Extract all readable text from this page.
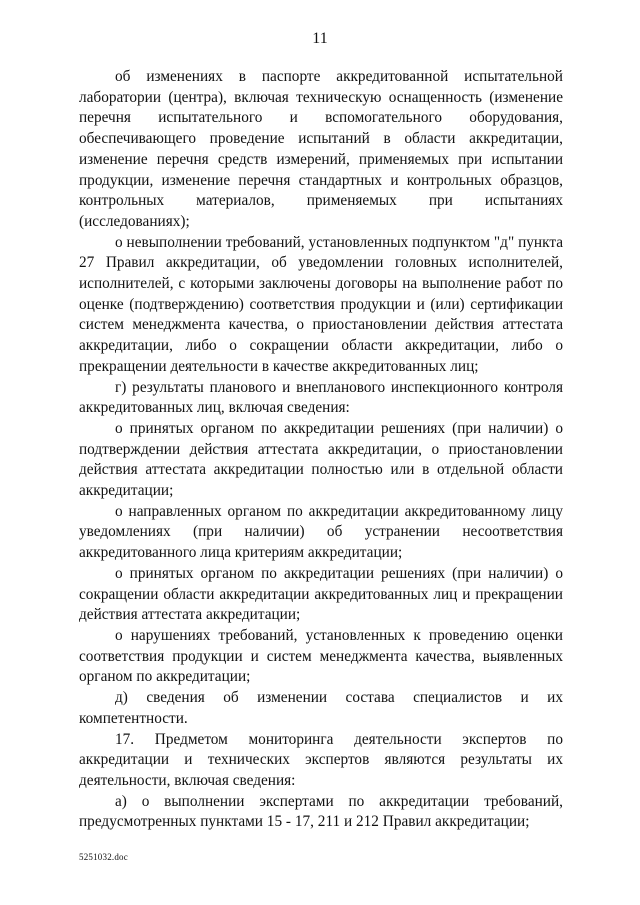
11

об изменениях в паспорте аккредитованной испытательной лаборатории (центра), включая техническую оснащенность (изменение перечня испытательного и вспомогательного оборудования, обеспечивающего проведение испытаний в области аккредитации, изменение перечня средств измерений, применяемых при испытании продукции, изменение перечня стандартных и контрольных образцов, контрольных материалов, применяемых при испытаниях (исследованиях);

о невыполнении требований, установленных подпунктом "д" пункта 27 Правил аккредитации, об уведомлении головных исполнителей, исполнителей, с которыми заключены договоры на выполнение работ по оценке (подтверждению) соответствия продукции и (или) сертификации систем менеджмента качества, о приостановлении действия аттестата аккредитации, либо о сокращении области аккредитации, либо о прекращении деятельности в качестве аккредитованных лиц;

г) результаты планового и внепланового инспекционного контроля аккредитованных лиц, включая сведения:

о принятых органом по аккредитации решениях (при наличии) о подтверждении действия аттестата аккредитации, о приостановлении действия аттестата аккредитации полностью или в отдельной области аккредитации;

о направленных органом по аккредитации аккредитованному лицу уведомлениях (при наличии) об устранении несоответствия аккредитованного лица критериям аккредитации;

о принятых органом по аккредитации решениях (при наличии) о сокращении области аккредитации аккредитованных лиц и прекращении действия аттестата аккредитации;

о нарушениях требований, установленных к проведению оценки соответствия продукции и систем менеджмента качества, выявленных органом по аккредитации;

д) сведения об изменении состава специалистов и их компетентности.

17. Предметом мониторинга деятельности экспертов по аккредитации и технических экспертов являются результаты их деятельности, включая сведения:

а) о выполнении экспертами по аккредитации требований, предусмотренных пунктами 15 - 17, 211 и 212 Правил аккредитации;

5251032.doc
